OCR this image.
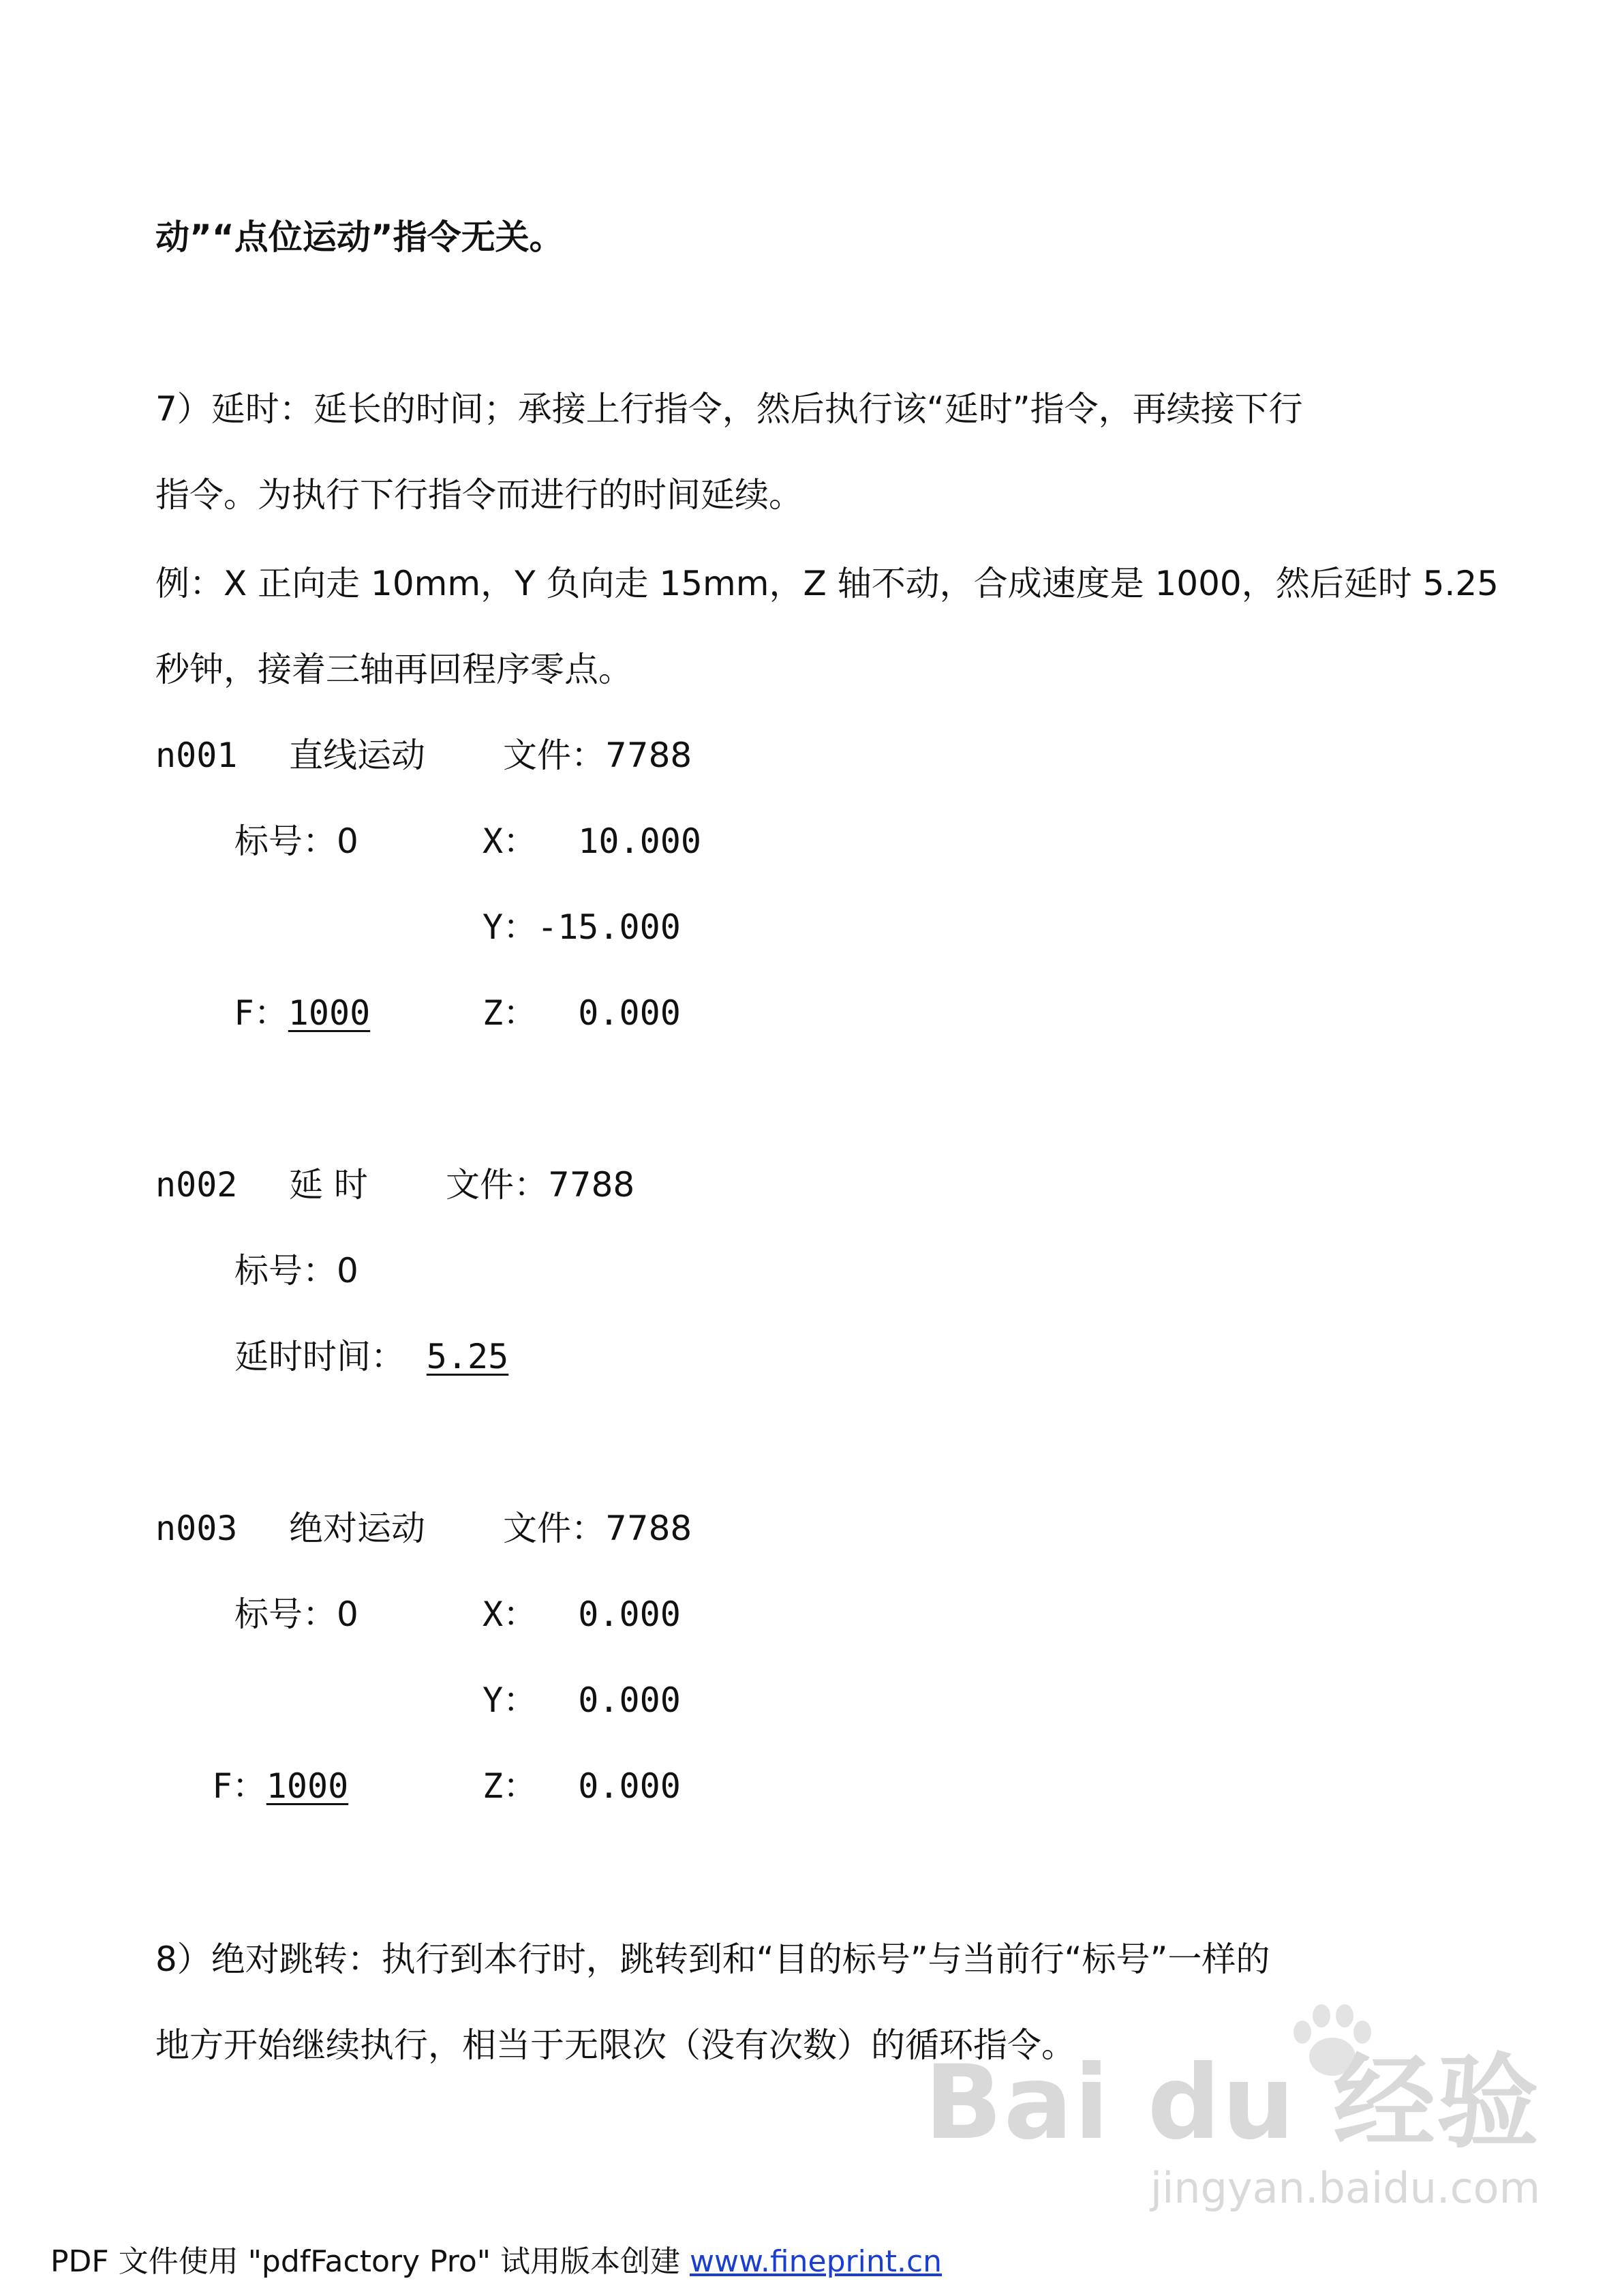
动”“点位运动”指令无关。
7）延时：延长的时间；承接上行指令，然后执行该“延时”指令，再续接下行
指令。为执行下行指令而进行的时间延续。
例：X 正向走 10mm，Y 负向走 15mm，Z 轴不动，合成速度是 1000，然后延时 5.25
秒钟，接着三轴再回程序零点。
n001 直线运动 文件：7788
标号：0	X：  10.000
Y：-15.000
F：1000	Z：  0.000
n002 延 时 文件：7788
标号：0
延时时间： 5.25
n003 绝对运动 文件：7788
标号：0	X：  0.000
Y：  0.000
F：1000	Z：  0.000
8）绝对跳转：执行到本行时，跳转到和“目的标号”与当前行“标号”一样的
地方开始继续执行，相当于无限次（没有次数）的循环指令。
Bai du 经验
jingyan.baidu.com
PDF 文件使用 "pdfFactory Pro" 试用版本创建 www.fineprint.cn
